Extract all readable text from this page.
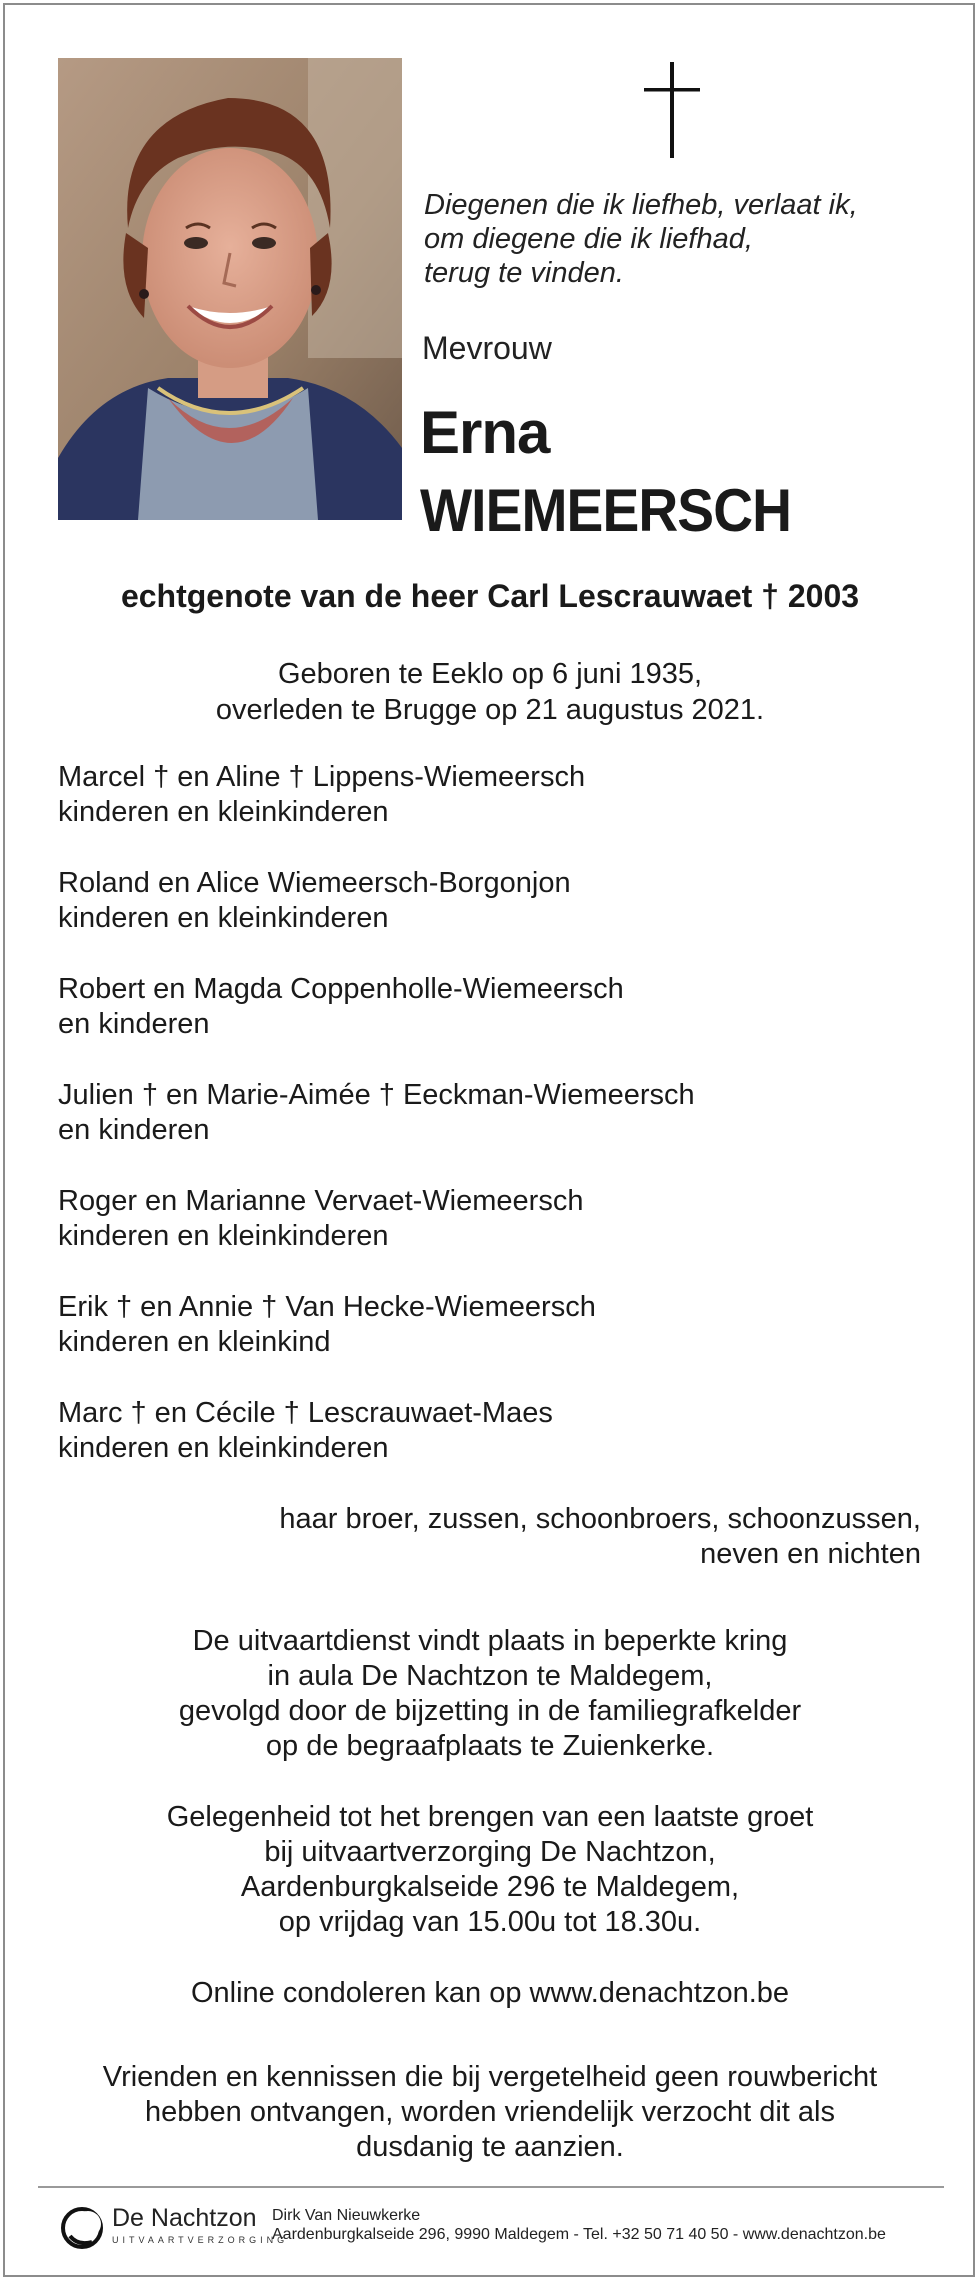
Diegenen die ik liefheb, verlaat ik,
om diegene die ik liefhad,
terug te vinden.
Mevrouw
Erna
WIEMEERSCH
echtgenote van de heer Carl Lescrauwaet † 2003
Geboren te Eeklo op 6 juni 1935,
overleden te Brugge op 21 augustus 2021.
Marcel † en Aline † Lippens-Wiemeersch
kinderen en kleinkinderen
Roland en Alice Wiemeersch-Borgonjon
kinderen en kleinkinderen
Robert en Magda Coppenholle-Wiemeersch
en kinderen
Julien † en Marie-Aimée † Eeckman-Wiemeersch
en kinderen
Roger en Marianne Vervaet-Wiemeersch
kinderen en kleinkinderen
Erik † en Annie † Van Hecke-Wiemeersch
kinderen en kleinkind
Marc † en Cécile † Lescrauwaet-Maes
kinderen en kleinkinderen
haar broer, zussen, schoonbroers, schoonzussen,
neven en nichten
De uitvaartdienst vindt plaats in beperkte kring
in aula De Nachtzon te Maldegem,
gevolgd door de bijzetting in de familiegrafkelder
op de begraafplaats te Zuienkerke.
Gelegenheid tot het brengen van een laatste groet
bij uitvaartverzorging De Nachtzon,
Aardenburgkalseide 296 te Maldegem,
op vrijdag van 15.00u tot 18.30u.
Online condoleren kan op www.denachtzon.be
Vrienden en kennissen die bij vergetelheid geen rouwbericht
hebben ontvangen, worden vriendelijk verzocht dit als
dusdanig te aanzien.
De Nachtzon
UITVAARTVERZORGING
Dirk Van Nieuwkerke
Aardenburgkalseide 296, 9990 Maldegem - Tel. +32 50 71 40 50 - www.denachtzon.be
